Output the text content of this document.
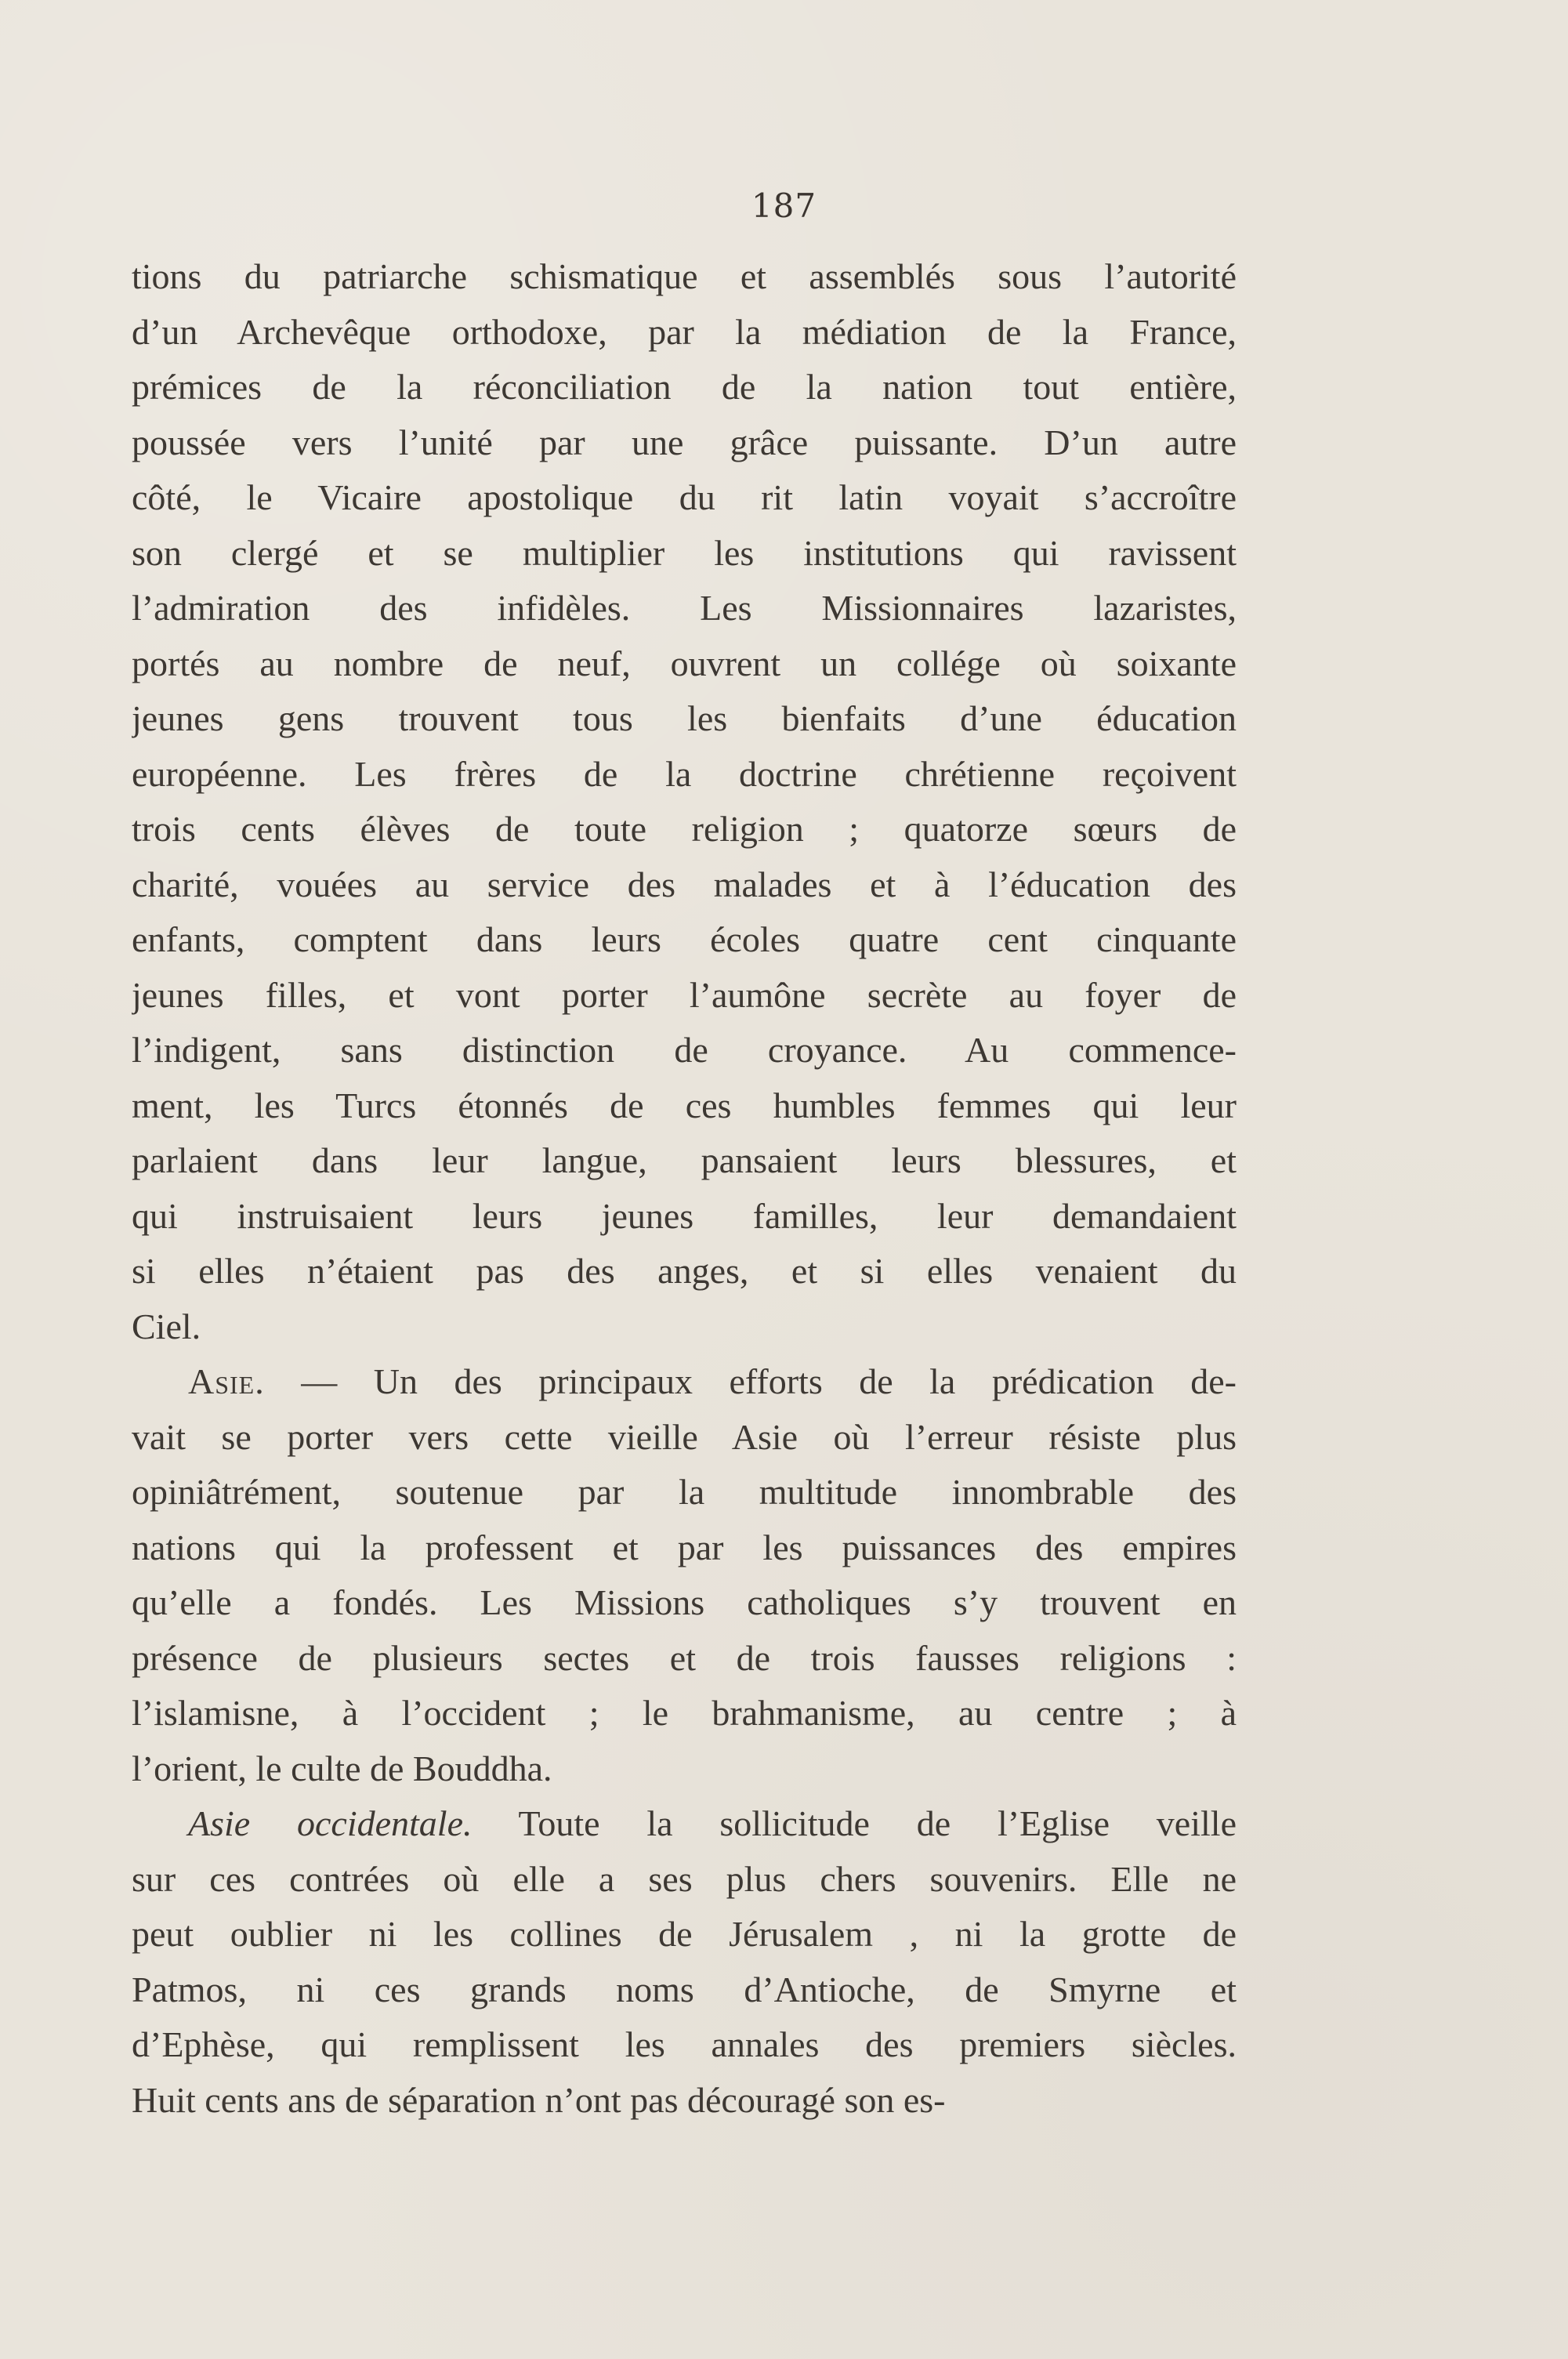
187
tions du patriarche schismatique et assemblés sous l’autorité
d’un Archevêque orthodoxe, par la médiation de la France,
prémices de la réconciliation de la nation tout entière,
poussée vers l’unité par une grâce puissante. D’un autre
côté, le Vicaire apostolique du rit latin voyait s’accroître
son clergé et se multiplier les institutions qui ravissent
l’admiration des infidèles. Les Missionnaires lazaristes,
portés au nombre de neuf, ouvrent un collége où soixante
jeunes gens trouvent tous les bienfaits d’une éducation
européenne. Les frères de la doctrine chrétienne reçoivent
trois cents élèves de toute religion ; quatorze sœurs de
charité, vouées au service des malades et à l’éducation des
enfants, comptent dans leurs écoles quatre cent cinquante
jeunes filles, et vont porter l’aumône secrète au foyer de
l’indigent, sans distinction de croyance. Au commence-
ment, les Turcs étonnés de ces humbles femmes qui leur
parlaient dans leur langue, pansaient leurs blessures, et
qui instruisaient leurs jeunes familles, leur demandaient
si elles n’étaient pas des anges, et si elles venaient du
Ciel.
Asie. — Un des principaux efforts de la prédication de-
vait se porter vers cette vieille Asie où l’erreur résiste plus
opiniâtrément, soutenue par la multitude innombrable des
nations qui la professent et par les puissances des empires
qu’elle a fondés. Les Missions catholiques s’y trouvent en
présence de plusieurs sectes et de trois fausses religions :
l’islamisne, à l’occident ; le brahmanisme, au centre ; à
l’orient, le culte de Bouddha.
Asie occidentale. Toute la sollicitude de l’Eglise veille
sur ces contrées où elle a ses plus chers souvenirs. Elle ne
peut oublier ni les collines de Jérusalem , ni la grotte de
Patmos, ni ces grands noms d’Antioche, de Smyrne et
d’Ephèse, qui remplissent les annales des premiers siècles.
Huit cents ans de séparation n’ont pas découragé son es-
